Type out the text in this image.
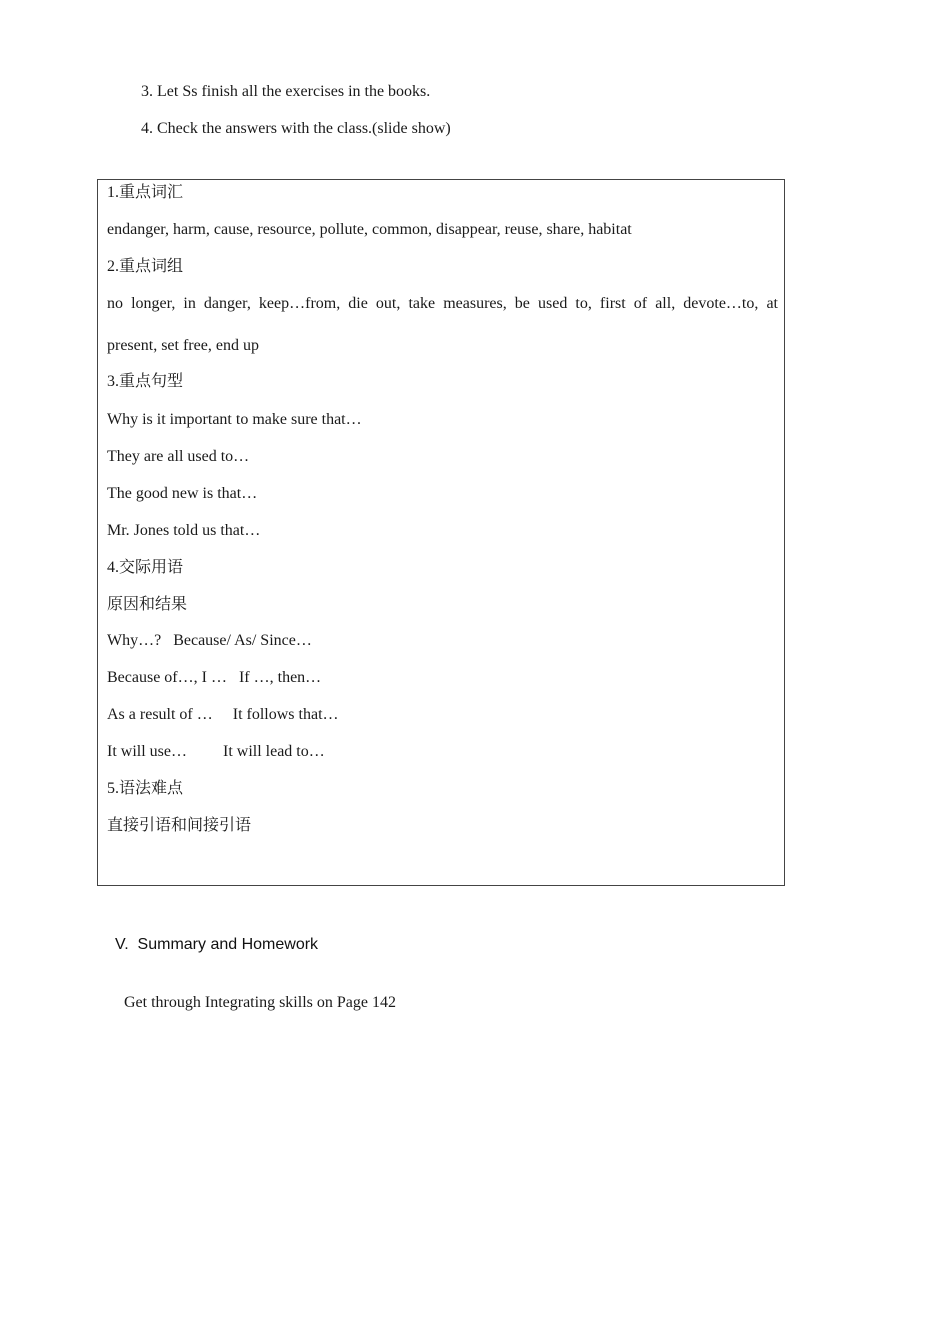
3. Let Ss finish all the exercises in the books.
4. Check the answers with the class.(slide show)
1.重点词汇
endanger, harm, cause, resource, pollute, common, disappear, reuse, share, habitat
2.重点词组
no longer, in danger, keep…from, die out, take measures, be used to, first of all, devote…to, at
present, set free, end up
3.重点句型
Why is it important to make sure that…
They are all used to…
The good new is that…
Mr. Jones told us that…
4.交际用语
原因和结果
Why…?   Because/ As/ Since…
Because of…, I …   If …, then…
As a result of …     It follows that…
It will use…         It will lead to…
5.语法难点
直接引语和间接引语
V.  Summary and Homework
Get through Integrating skills on Page 142
